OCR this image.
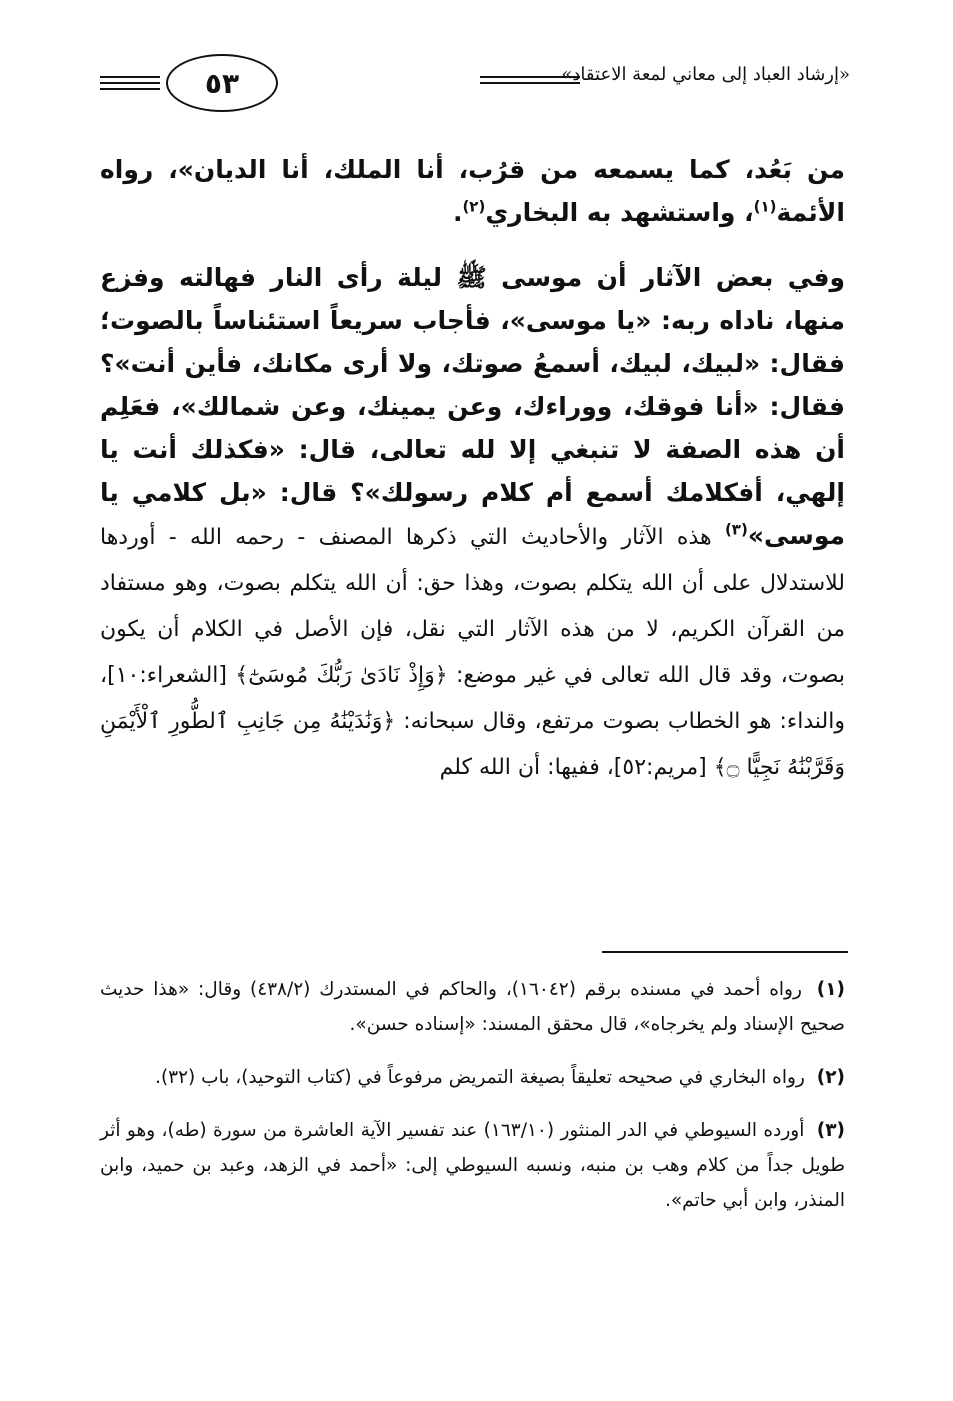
٥٣	«إرشاد العباد إلى معاني لمعة الاعتقاد»

من بَعُد، كما يسمعه من قرُب، أنا الملك، أنا الديان»، رواه الأئمة$^{(١)}$، واستشهد به البخاري$^{(٢)}$.

وفي بعض الآثار أن موسى ﷺ ليلة رأى النار فهالته وفزع منها، ناداه ربه: «يا موسى»، فأجاب سريعاً استئناساً بالصوت؛ فقال: «لبيك، لبيك، أسمعُ صوتك، ولا أرى مكانك، فأين أنت»؟ فقال: «أنا فوقك، ووراءك، وعن يمينك، وعن شمالك»، فعَلِم أن هذه الصفة لا تنبغي إلا لله تعالى، قال: «فكذلك أنت يا إلهي، أفكلامك أسمع أم كلام رسولك»؟ قال: «بل كلامي يا موسى»$^{(٣)}$ هذه الآثار والأحاديث التي ذكرها المصنف - رحمه الله - أوردها للاستدلال على أن الله يتكلم بصوت، وهذا حق: أن الله يتكلم بصوت، وهو مستفاد من القرآن الكريم، لا من هذه الآثار التي نقل، فإن الأصل في الكلام أن يكون بصوت، وقد قال الله تعالى في غير موضع: ﴿وَإِذْ نَادَىٰ رَبُّكَ مُوسَىٰٓ﴾ [الشعراء:١٠]، والنداء: هو الخطاب بصوت مرتفع، وقال سبحانه: ﴿وَنَٰدَيْنَٰهُ مِن جَانِبِ ٱلطُّورِ ٱلْأَيْمَنِ وَقَرَّبْنَٰهُ نَجِيًّا ۝﴾ [مريم:٥٢]، ففيها: أن الله كلم

(١) رواه أحمد في مسنده برقم (١٦٠٤٢)، والحاكم في المستدرك (٤٣٨/٢) وقال: «هذا حديث صحيح الإسناد ولم يخرجاه»، قال محقق المسند: «إسناده حسن».

(٢) رواه البخاري في صحيحه تعليقاً بصيغة التمريض مرفوعاً في (كتاب التوحيد)، باب (٣٢).

(٣) أورده السيوطي في الدر المنثور (١٦٣/١٠) عند تفسير الآية العاشرة من سورة (طه)، وهو أثر طويل جداً من كلام وهب بن منبه، ونسبه السيوطي إلى: «أحمد في الزهد، وعبد بن حميد، وابن المنذر، وابن أبي حاتم».
